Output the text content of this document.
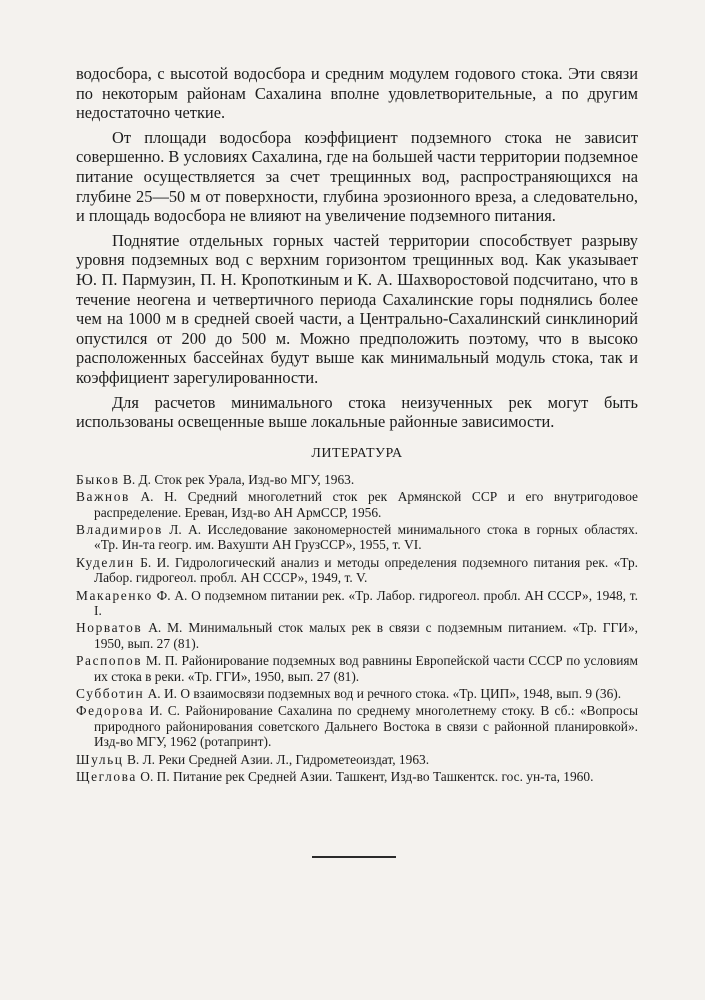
водосбора, с высотой водосбора и средним модулем годового стока. Эти связи по некоторым районам Сахалина вполне удовлетворительные, а по другим недостаточно четкие.

От площади водосбора коэффициент подземного стока не зависит совершенно. В условиях Сахалина, где на большей части территории подземное питание осуществляется за счет трещинных вод, распространяющихся на глубине 25—50 м от поверхности, глубина эрозионного вреза, а следовательно, и площадь водосбора не влияют на увеличение подземного питания.

Поднятие отдельных горных частей территории способствует разрыву уровня подземных вод с верхним горизонтом трещинных вод. Как указывает Ю. П. Пармузин, П. Н. Кропоткиным и К. А. Шахворостовой подсчитано, что в течение неогена и четвертичного периода Сахалинские горы поднялись более чем на 1000 м в средней своей части, а Центрально-Сахалинский синклинорий опустился от 200 до 500 м. Можно предположить поэтому, что в высоко расположенных бассейнах будут выше как минимальный модуль стока, так и коэффициент зарегулированности.

Для расчетов минимального стока неизученных рек могут быть использованы освещенные выше локальные районные зависимости.

ЛИТЕРАТУРА

Быков В. Д. Сток рек Урала, Изд-во МГУ, 1963.

Важнов А. Н. Средний многолетний сток рек Армянской ССР и его внутригодовое распределение. Ереван, Изд-во АН АрмССР, 1956.

Владимиров Л. А. Исследование закономерностей минимального стока в горных областях. «Тр. Ин-та геогр. им. Вахушти АН ГрузССР», 1955, т. VI.

Куделин Б. И. Гидрологический анализ и методы определения подземного питания рек. «Тр. Лабор. гидрогеол. пробл. АН СССР», 1949, т. V.

Макаренко Ф. А. О подземном питании рек. «Тр. Лабор. гидрогеол. пробл. АН СССР», 1948, т. I.

Норватов А. М. Минимальный сток малых рек в связи с подземным питанием. «Тр. ГГИ», 1950, вып. 27 (81).

Распопов М. П. Районирование подземных вод равнины Европейской части СССР по условиям их стока в реки. «Тр. ГГИ», 1950, вып. 27 (81).

Субботин А. И. О взаимосвязи подземных вод и речного стока. «Тр. ЦИП», 1948, вып. 9 (36).

Федорова И. С. Районирование Сахалина по среднему многолетнему стоку. В сб.: «Вопросы природного районирования советского Дальнего Востока в связи с районной планировкой». Изд-во МГУ, 1962 (ротапринт).

Шульц В. Л. Реки Средней Азии. Л., Гидрометеоиздат, 1963.

Щеглова О. П. Питание рек Средней Азии. Ташкент, Изд-во Ташкентск. гос. ун-та, 1960.
